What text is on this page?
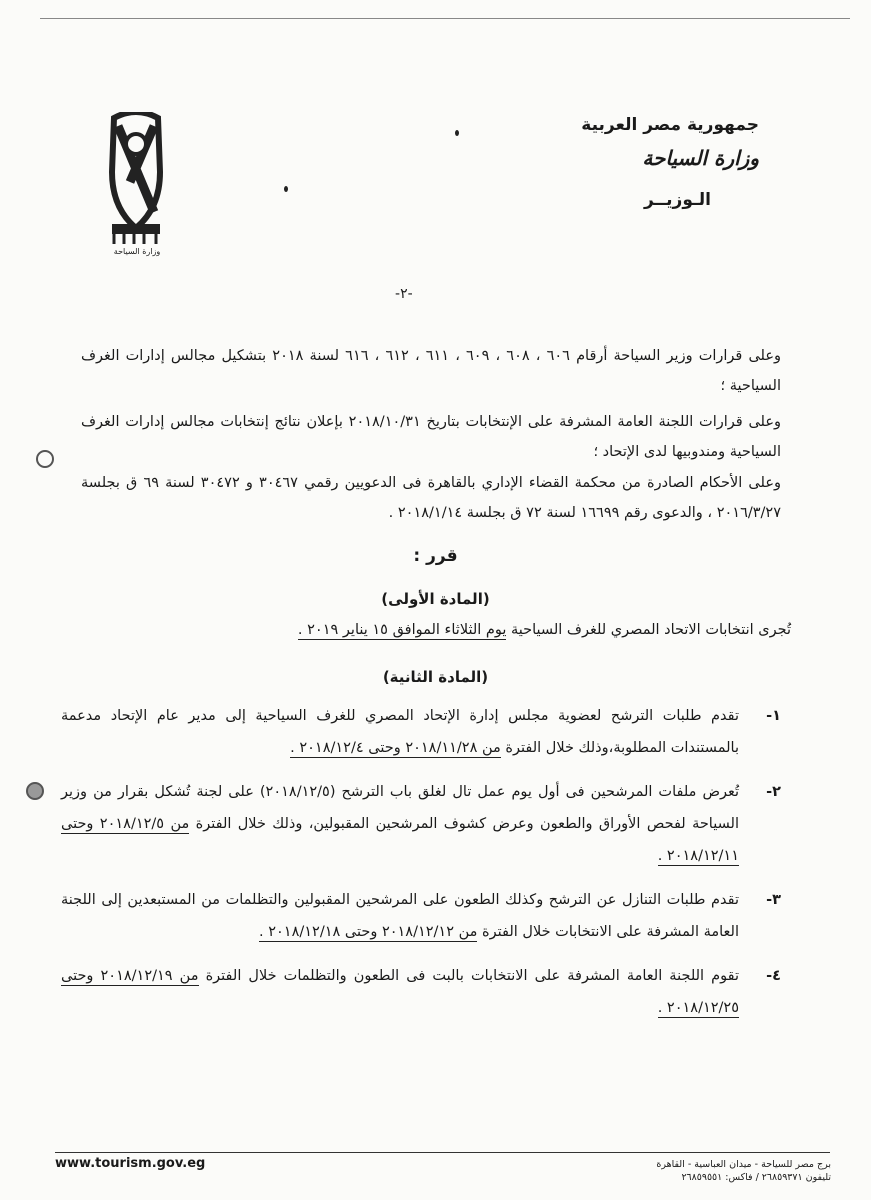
وزارة السياحة
جمهورية مصر العربية
وزارة السياحة
الـوزيــر
-٢-
وعلى قرارات وزير السياحة أرقام ٦٠٦ ، ٦٠٨ ، ٦٠٩ ، ٦١١ ، ٦١٢ ، ٦١٦ لسنة ٢٠١٨ بتشكيل مجالس إدارات الغرف السياحية ؛
وعلى قرارات اللجنة العامة المشرفة على الإنتخابات بتاريخ ٢٠١٨/١٠/٣١ بإعلان نتائج إنتخابات مجالس إدارات الغرف السياحية ومندوبيها لدى الإتحاد ؛
وعلى الأحكام الصادرة من محكمة القضاء الإداري بالقاهرة فى الدعويين رقمي ٣٠٤٦٧ و ٣٠٤٧٢ لسنة ٦٩ ق بجلسة ٢٠١٦/٣/٢٧ ، والدعوى رقم ١٦٦٩٩ لسنة ٧٢ ق بجلسة ٢٠١٨/١/١٤ .
قرر :
(المادة الأولى)
تُجرى انتخابات الاتحاد المصري للغرف السياحية يوم الثلاثاء الموافق ١٥ يناير ٢٠١٩ .
(المادة الثانية)
١-
تقدم طلبات الترشح لعضوية مجلس إدارة الإتحاد المصري للغرف السياحية إلى مدير عام الإتحاد مدعمة بالمستندات المطلوبة،وذلك خلال الفترة من ٢٠١٨/١١/٢٨ وحتى ٢٠١٨/١٢/٤ .
٢-
تُعرض ملفات المرشحين فى أول يوم عمل تال لغلق باب الترشح (٢٠١٨/١٢/٥) على لجنة تُشكل بقرار من وزير السياحة لفحص الأوراق والطعون وعرض كشوف المرشحين المقبولين، وذلك خلال الفترة من ٢٠١٨/١٢/٥ وحتى ٢٠١٨/١٢/١١ .
٣-
تقدم طلبات التنازل عن الترشح وكذلك الطعون على المرشحين المقبولين والتظلمات من المستبعدين إلى اللجنة العامة المشرفة على الانتخابات خلال الفترة من ٢٠١٨/١٢/١٢ وحتى ٢٠١٨/١٢/١٨ .
٤-
تقوم اللجنة العامة المشرفة على الانتخابات بالبت فى الطعون والتظلمات خلال الفترة من ٢٠١٨/١٢/١٩ وحتى ٢٠١٨/١٢/٢٥ .
www.tourism.gov.eg	برج مصر للسياحة - ميدان العباسية - القاهرة
تليفون ٢٦٨٥٩٣٧١ / فاكس: ٢٦٨٥٩٥٥١
